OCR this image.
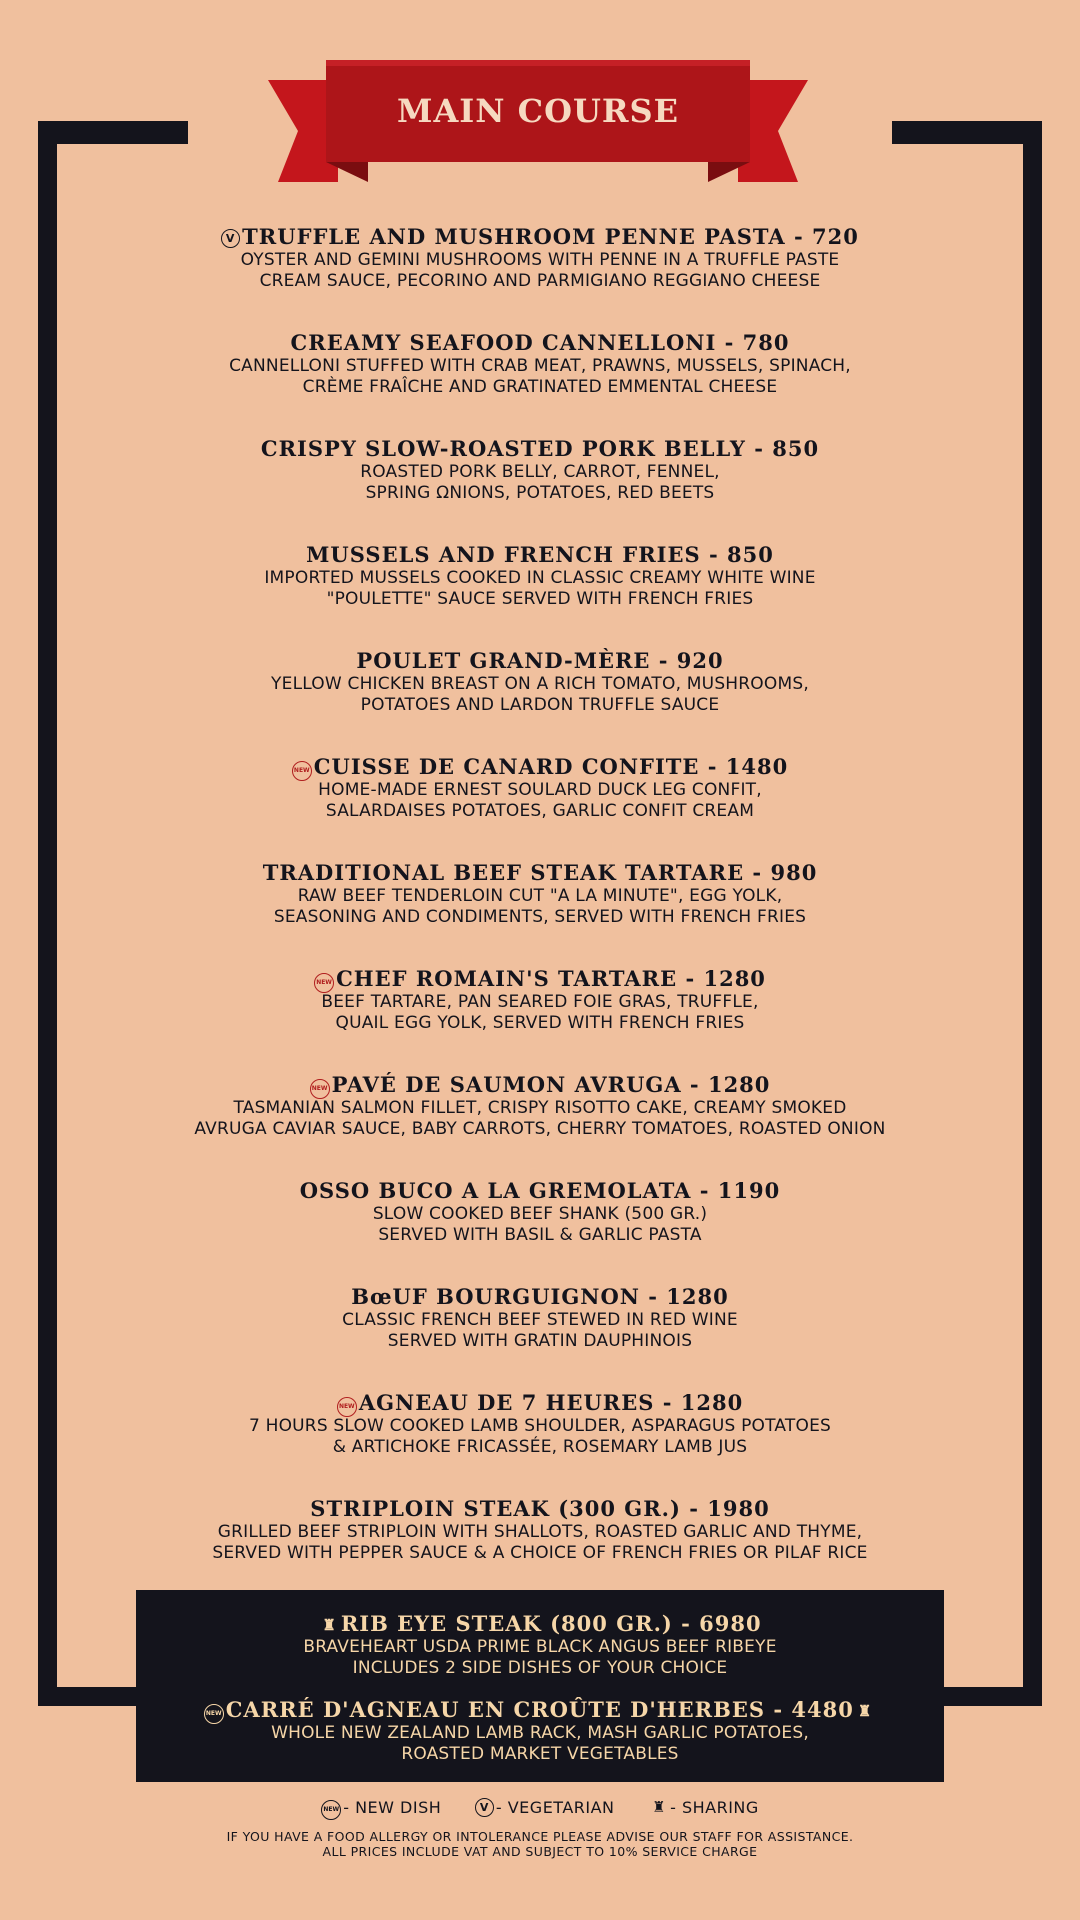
MAIN COURSE
V TRUFFLE AND MUSHROOM PENNE PASTA - 720
OYSTER AND GEMINI MUSHROOMS WITH PENNE IN A TRUFFLE PASTE
CREAM SAUCE, PECORINO AND PARMIGIANO REGGIANO CHEESE
CREAMY SEAFOOD CANNELLONI - 780
CANNELLONI STUFFED WITH CRAB MEAT, PRAWNS, MUSSELS, SPINACH,
CRÈME FRAÎCHE AND GRATINATED EMMENTAL CHEESE
CRISPY SLOW-ROASTED PORK BELLY - 850
ROASTED PORK BELLY, CARROT, FENNEL,
SPRING ΩNIONS, POTATOES, RED BEETS
MUSSELS AND FRENCH FRIES - 850
IMPORTED MUSSELS COOKED IN CLASSIC CREAMY WHITE WINE
"POULETTE" SAUCE SERVED WITH FRENCH FRIES
POULET GRAND-MÈRE - 920
YELLOW CHICKEN BREAST ON A RICH TOMATO, MUSHROOMS,
POTATOES AND LARDON TRUFFLE SAUCE
NEW CUISSE DE CANARD CONFITE - 1480
HOME-MADE ERNEST SOULARD DUCK LEG CONFIT,
SALARDAISES POTATOES, GARLIC CONFIT CREAM
TRADITIONAL BEEF STEAK TARTARE - 980
RAW BEEF TENDERLOIN CUT "A LA MINUTE", EGG YOLK,
SEASONING AND CONDIMENTS, SERVED WITH FRENCH FRIES
NEW CHEF ROMAIN'S TARTARE - 1280
BEEF TARTARE, PAN SEARED FOIE GRAS, TRUFFLE,
QUAIL EGG YOLK, SERVED WITH FRENCH FRIES
NEW PAVÉ DE SAUMON AVRUGA - 1280
TASMANIAN SALMON FILLET, CRISPY RISOTTO CAKE, CREAMY SMOKED
AVRUGA CAVIAR SAUCE, BABY CARROTS, CHERRY TOMATOES, ROASTED ONION
OSSO BUCO A LA GREMOLATA - 1190
SLOW COOKED BEEF SHANK (500 GR.)
SERVED WITH BASIL & GARLIC PASTA
BœUF BOURGUIGNON - 1280
CLASSIC FRENCH BEEF STEWED IN RED WINE
SERVED WITH GRATIN DAUPHINOIS
NEW AGNEAU DE 7 HEURES - 1280
7 HOURS SLOW COOKED LAMB SHOULDER, ASPARAGUS POTATOES
& ARTICHOKE FRICASSÉE, ROSEMARY LAMB JUS
STRIPLOIN STEAK (300 GR.) - 1980
GRILLED BEEF STRIPLOIN WITH SHALLOTS, ROASTED GARLIC AND THYME,
SERVED WITH PEPPER SAUCE & A CHOICE OF FRENCH FRIES OR PILAF RICE
♜ RIB EYE STEAK (800 GR.) - 6980
BRAVEHEART USDA PRIME BLACK ANGUS BEEF RIBEYE
INCLUDES 2 SIDE DISHES OF YOUR CHOICE
NEW CARRÉ D'AGNEAU EN CROÛTE D'HERBES - 4480 ♜
WHOLE NEW ZEALAND LAMB RACK, MASH GARLIC POTATOES,
ROASTED MARKET VEGETABLES
NEW - NEW DISH	V - VEGETARIAN	♜ - SHARING
IF YOU HAVE A FOOD ALLERGY OR INTOLERANCE PLEASE ADVISE OUR STAFF FOR ASSISTANCE.
ALL PRICES INCLUDE VAT AND SUBJECT TO 10% SERVICE CHARGE
